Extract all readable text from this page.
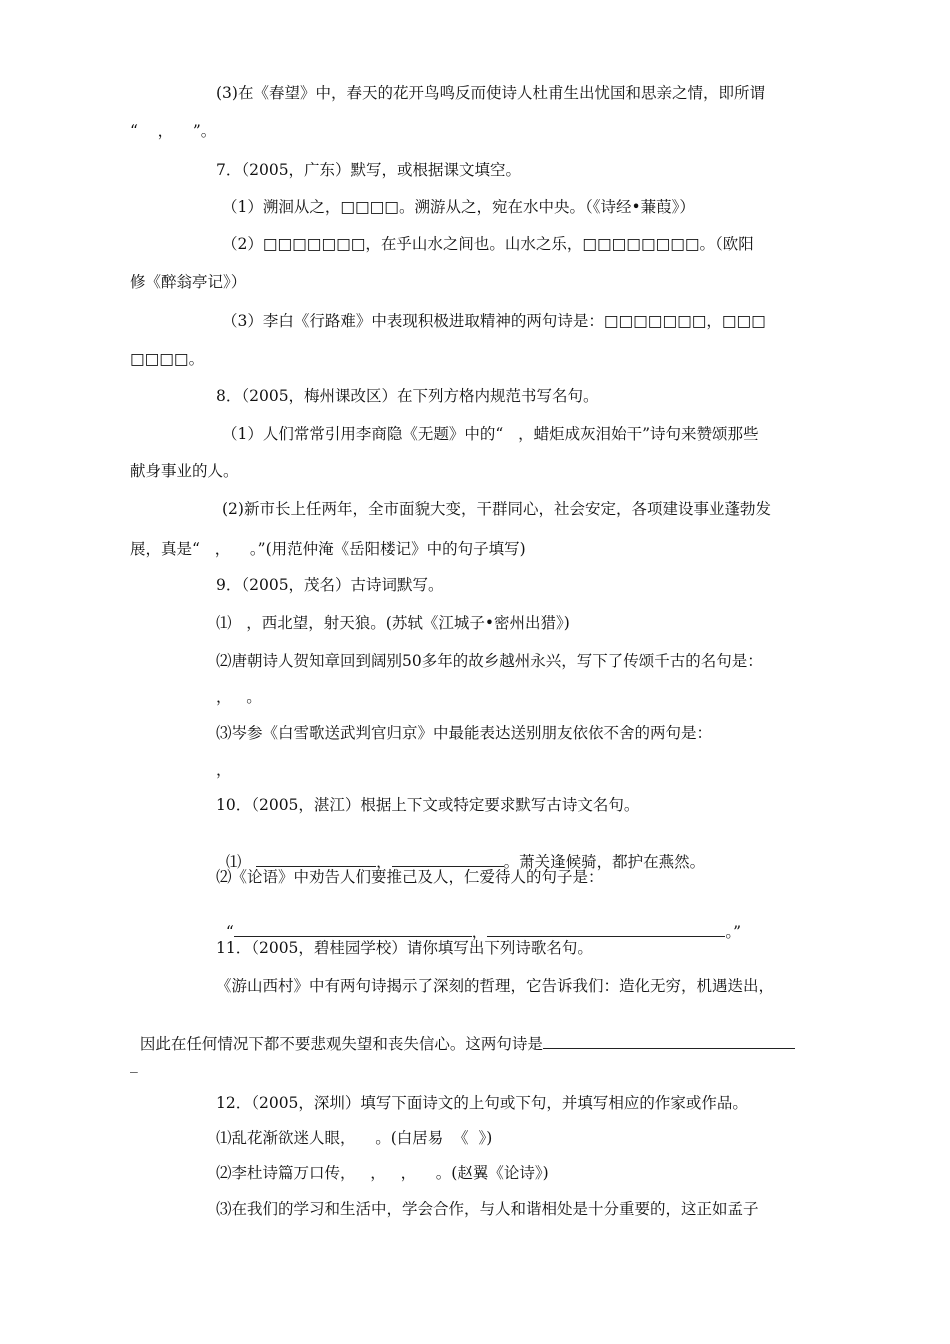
(3)在《春望》中，春天的花开鸟鸣反而使诗人杜甫生出忧国和思亲之情，即所谓
“    ，    ”。
7．（2005，广东）默写，或根据课文填空。
（1）溯洄从之，□□□□。溯游从之，宛在水中央。（《诗经•蒹葭》）
（2）□□□□□□□，在乎山水之间也。山水之乐，□□□□□□□□。（欧阳
修《醉翁亭记》）
（3）李白《行路难》中表现积极进取精神的两句诗是：□□□□□□□，□□□
□□□□。
8．（2005，梅州课改区）在下列方格内规范书写名句。
（1）人们常常引用李商隐《无题》中的“   ，蜡炬成灰泪始干”诗句来赞颂那些
献身事业的人。
(2)新市长上任两年，全市面貌大变，干群同心，社会安定，各项建设事业蓬勃发
展，真是“   ，    。”(用范仲淹《岳阳楼记》中的句子填写)
9．（2005，茂名）古诗词默写。
⑴   ，西北望，射天狼。(苏轼《江城子•密州出猎》)
⑵唐朝诗人贺知章回到阔别50多年的故乡越州永兴，写下了传颂千古的名句是：
，   。
⑶岑参《白雪歌送武判官归京》中最能表达送别朋友依依不舍的两句是：
，
10．（2005，湛江）根据上下文或特定要求默写古诗文名句。

⑴	，	。萧关逢候骑，都护在燕然。

⑵《论语》中劝告人们要推己及人，仁爱待人的句子是：

“	，	。”

11．（2005，碧桂园学校）请你填写出下列诗歌名句。
《游山西村》中有两句诗揭示了深刻的哲理，它告诉我们：造化无穷，机遇迭出，

因此在任何情况下都不要悲观失望和丧失信心。这两句诗是

_
12．（2005，深圳）填写下面诗文的上句或下句，并填写相应的作家或作品。
⑴乱花渐欲迷人眼，    。(白居易  《  》)
⑵李杜诗篇万口传，   ，   ，    。(赵翼《论诗》)
⑶在我们的学习和生活中，学会合作，与人和谐相处是十分重要的，这正如孟子
